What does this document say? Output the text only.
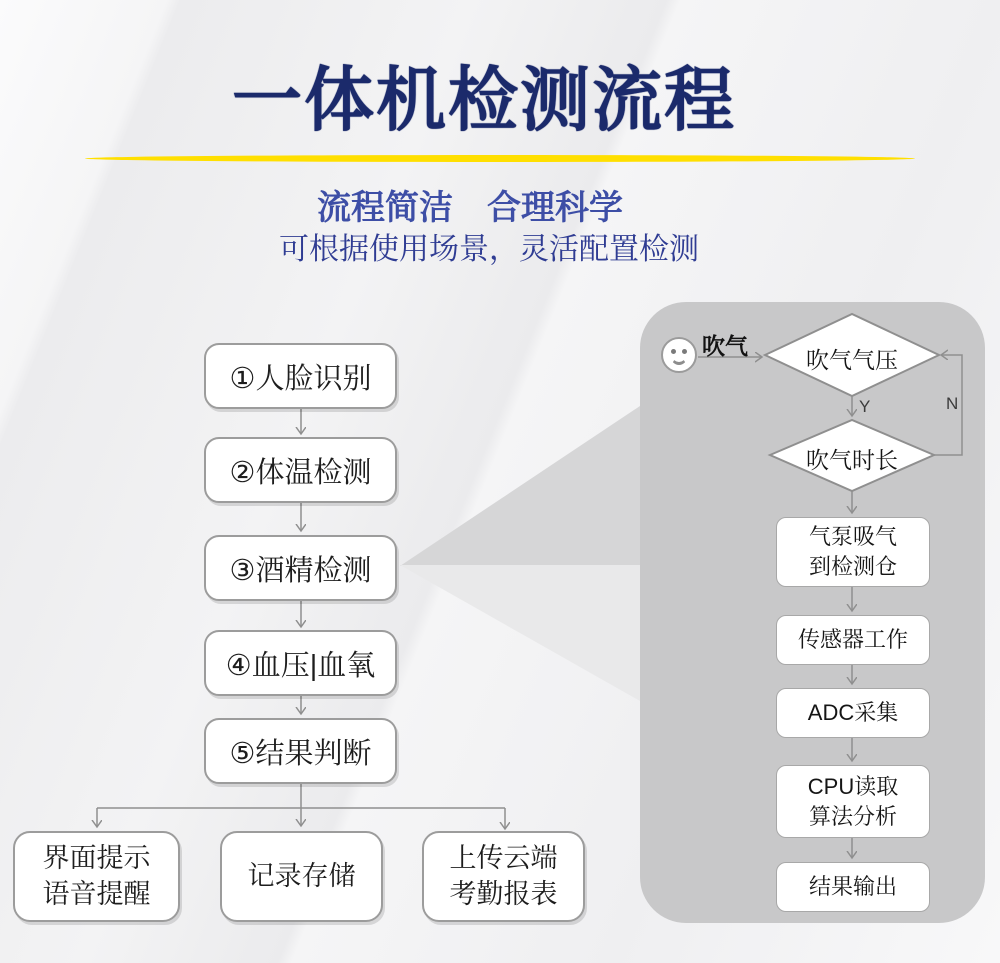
一体机检测流程
流程简洁　合理科学
可根据使用场景，灵活配置检测
①人脸识别
②体温检测
③酒精检测
④血压|血氧
⑤结果判断
界面提示
语音提醒
记录存储
上传云端
考勤报表
吹气
吹气气压
吹气时长
Y	N
气泵吸气
到检测仓
传感器工作
ADC采集
CPU读取
算法分析
结果输出
